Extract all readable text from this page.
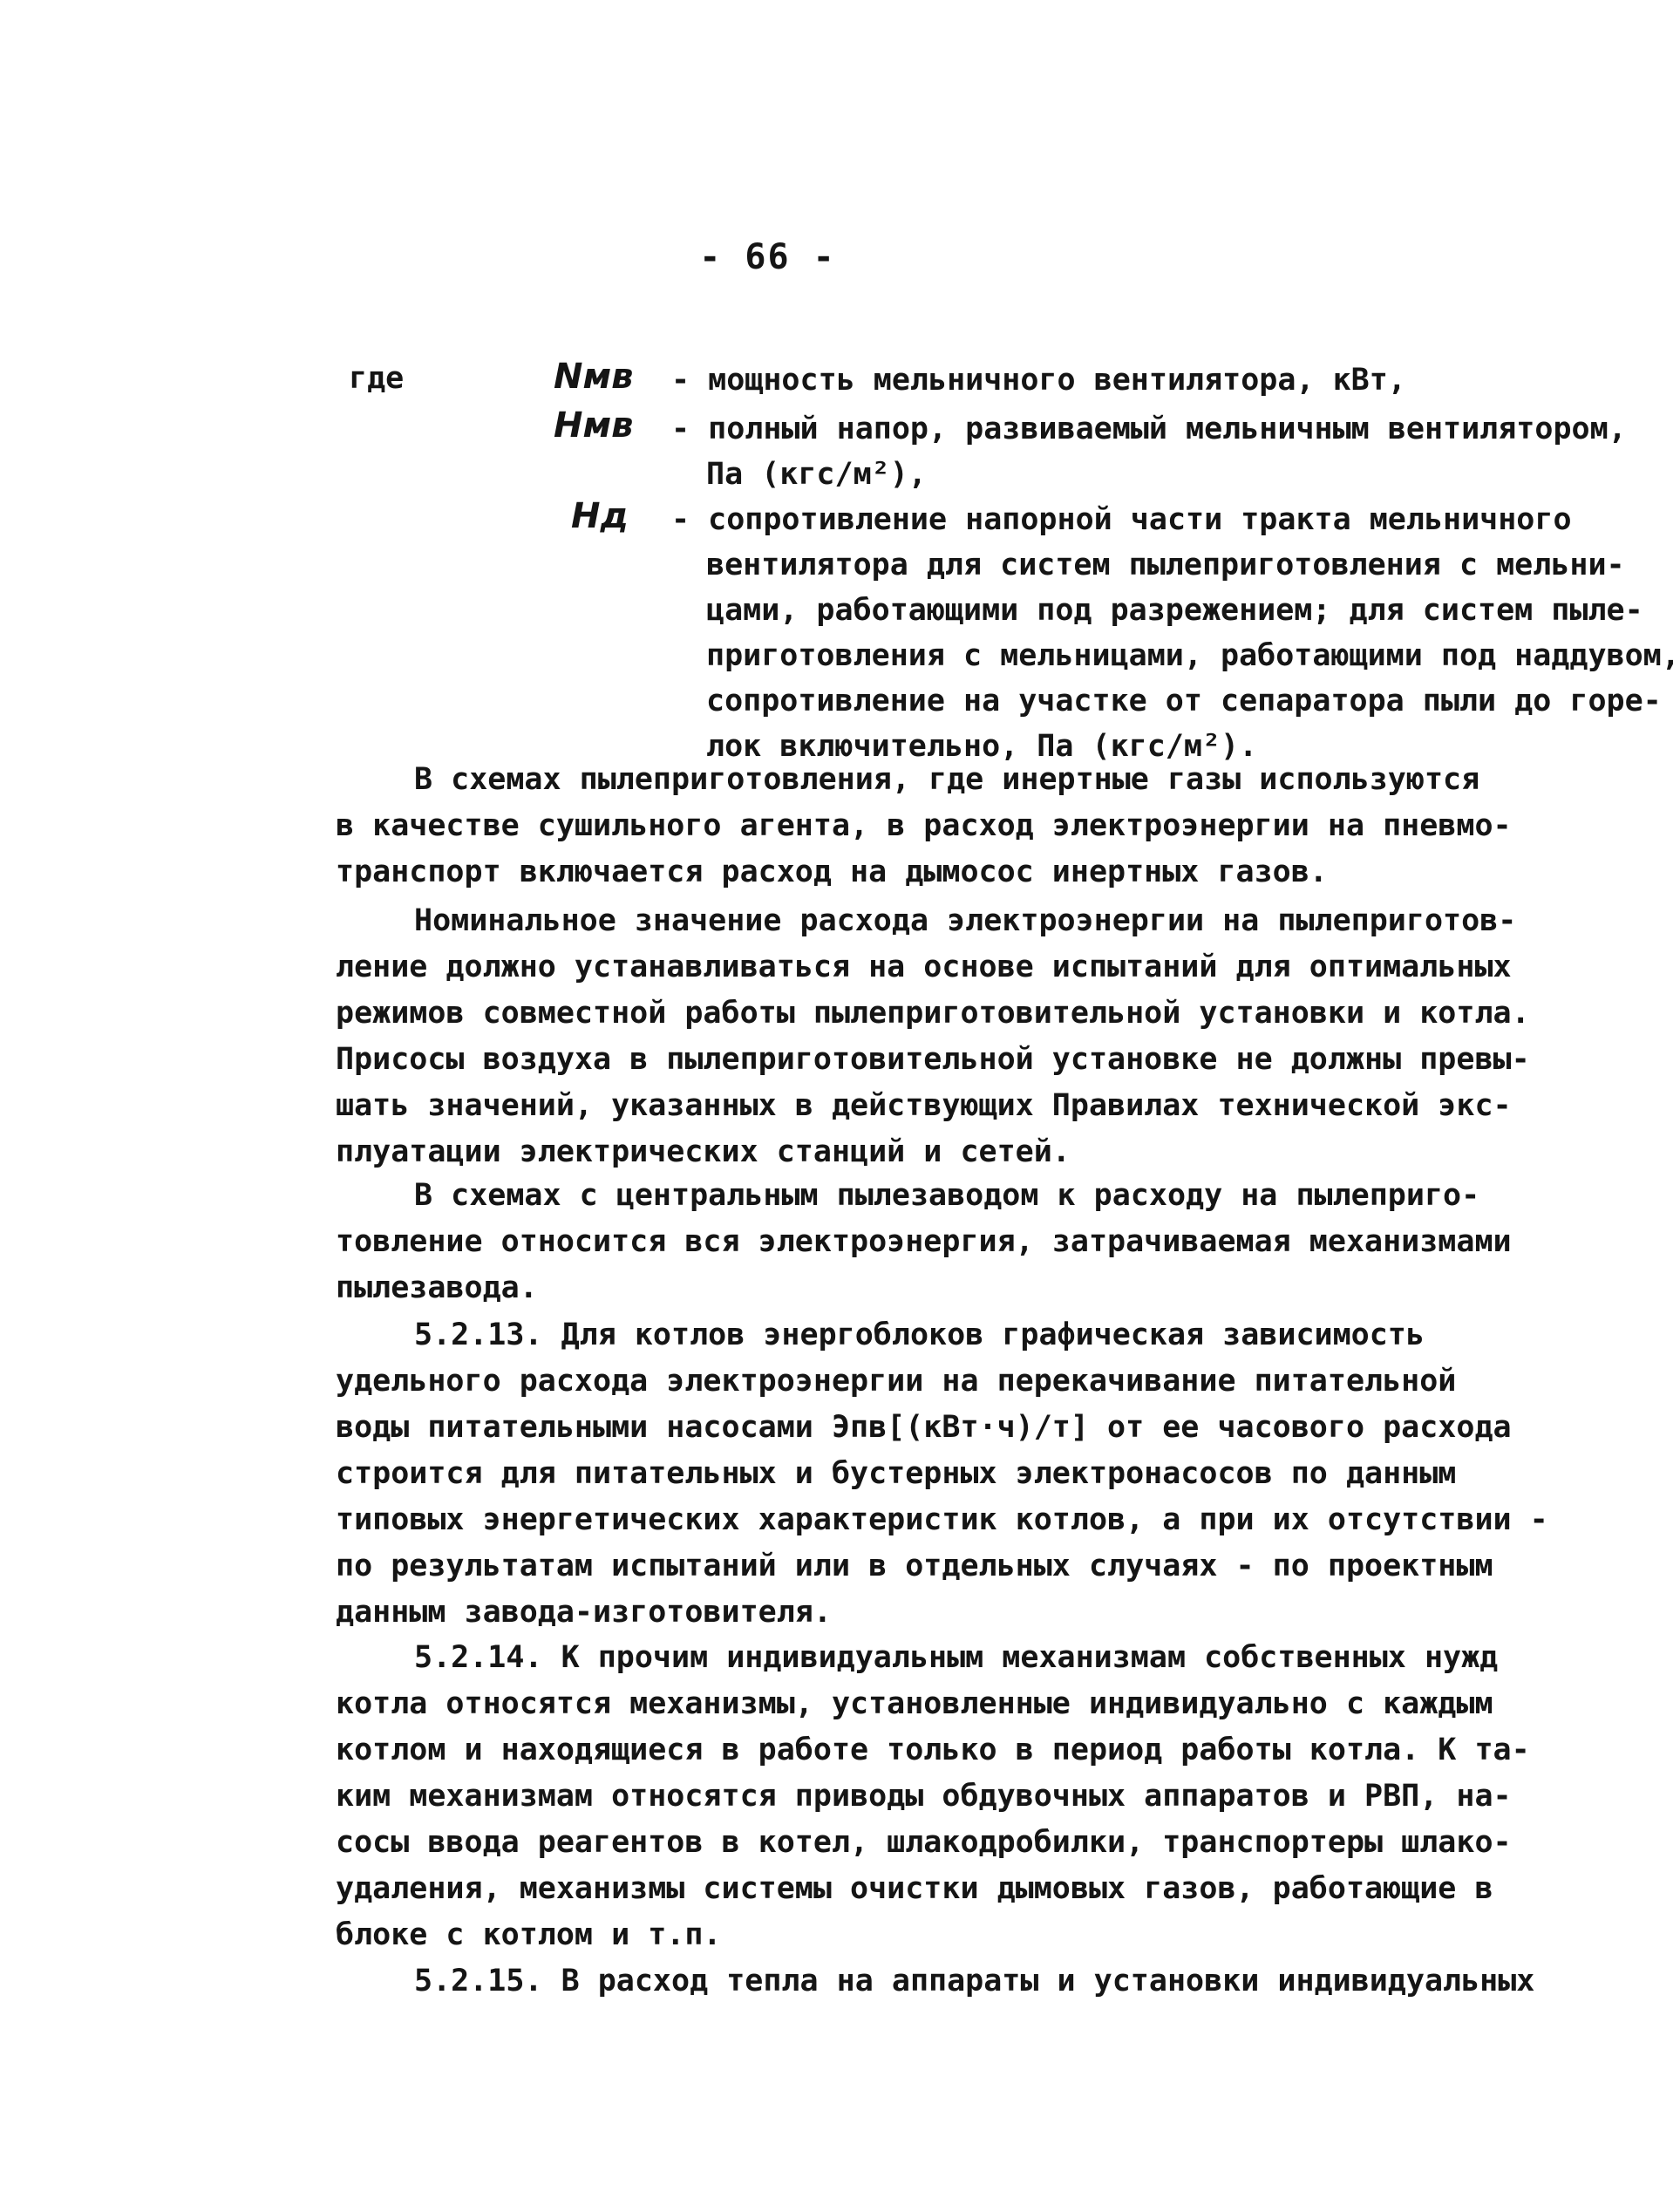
- 66 -
где	Nмв - мощность мельничного вентилятора, кВт,
Hмв - полный напор, развиваемый мельничным вентилятором,
Па (кгс/м²),
Hд - сопротивление напорной части тракта мельничного
вентилятора для систем пылеприготовления с мельни-
цами, работающими под разрежением; для систем пыле-
приготовления с мельницами, работающими под наддувом,
сопротивление на участке от сепаратора пыли до горе-
лок включительно, Па (кгс/м²).
В схемах пылеприготовления, где инертные газы используются
в качестве сушильного агента, в расход электроэнергии на пневмо-
транспорт включается расход на дымосос инертных газов.
Номинальное значение расхода электроэнергии на пылеприготов-
ление должно устанавливаться на основе испытаний для оптимальных
режимов совместной работы пылеприготовительной установки и котла.
Присосы воздуха в пылеприготовительной установке не должны превы-
шать значений, указанных в действующих Правилах технической экс-
плуатации электрических станций и сетей.
В схемах с центральным пылезаводом к расходу на пылеприго-
товление относится вся электроэнергия, затрачиваемая механизмами
пылезавода.
5.2.13. Для котлов энергоблоков графическая зависимость
удельного расхода электроэнергии на перекачивание питательной
воды питательными насосами Эпв[(кВт·ч)/т] от ее часового расхода
строится для питательных и бустерных электронасосов по данным
типовых энергетических характеристик котлов, а при их отсутствии -
по результатам испытаний или в отдельных случаях - по проектным
данным завода-изготовителя.
5.2.14. К прочим индивидуальным механизмам собственных нужд
котла относятся механизмы, установленные индивидуально с каждым
котлом и находящиеся в работе только в период работы котла. К та-
ким механизмам относятся приводы обдувочных аппаратов и РВП, на-
сосы ввода реагентов в котел, шлакодробилки, транспортеры шлако-
удаления, механизмы системы очистки дымовых газов, работающие в
блоке с котлом и т.п.
5.2.15. В расход тепла на аппараты и установки индивидуальных
